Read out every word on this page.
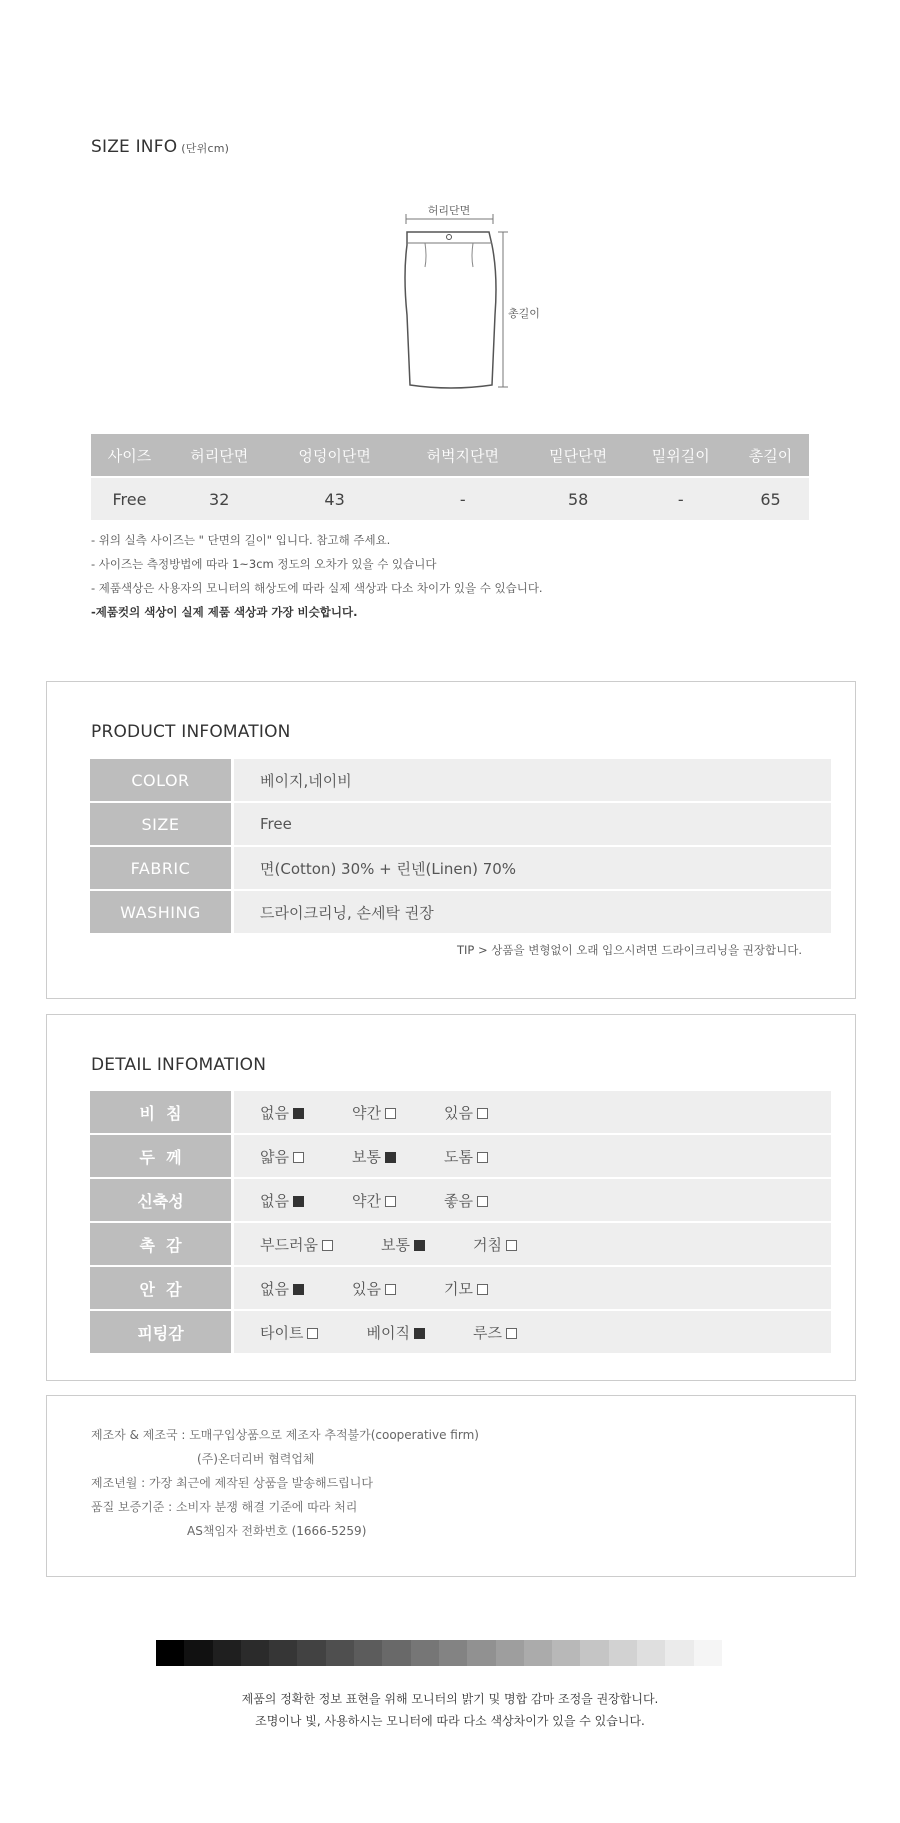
SIZE INFO (단위cm)
허리단면
총길이
사이즈	허리단면	엉덩이단면	허벅지단면	밑단단면	밑위길이	총길이
Free	32	43	-	58	-	65
- 위의 실측 사이즈는 " 단면의 길이" 입니다. 참고해 주세요.
- 사이즈는 측정방법에 따라 1~3cm 정도의 오차가 있을 수 있습니다
- 제품색상은 사용자의 모니터의 해상도에 따라 실제 색상과 다소 차이가 있을 수 있습니다.
-제품컷의 색상이 실제 제품 색상과 가장 비슷합니다.
PRODUCT INFOMATION
COLOR		베이지,네이비
SIZE		Free
FABRIC		면(Cotton) 30% + 린넨(Linen) 70%
WASHING		드라이크리닝, 손세탁 권장
TIP > 상품을 변형없이 오래 입으시려면 드라이크리닝을 권장합니다.
DETAIL INFOMATION
비  침		없음 약간 있음
두  께		얇음 보통 도톰
신축성		없음 약간 좋음
촉  감		부드러움 보통 거침
안  감		없음 있음 기모
피팅감		타이트 베이직 루즈
제조자 & 제조국 : 도매구입상품으로 제조자 추적불가(cooperative firm)
(주)온더리버 협력업체
제조년월 : 가장 최근에 제작된 상품을 발송해드립니다
품질 보증기준 : 소비자 분쟁 해결 기준에 따라 처리
AS책임자 전화번호 (1666-5259)
제품의 정확한 정보 표현을 위해 모니터의 밝기 및 명합 감마 조정을 권장합니다.
조명이나 빛, 사용하시는 모니터에 따라 다소 색상차이가 있을 수 있습니다.
